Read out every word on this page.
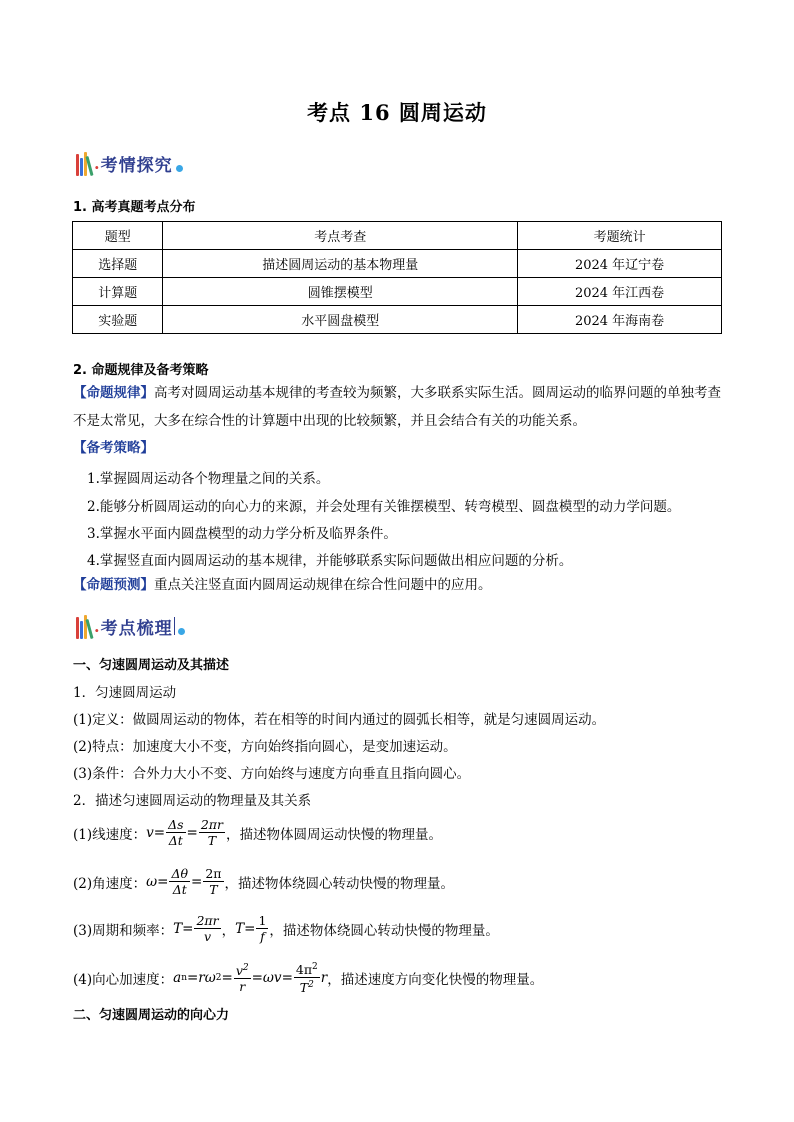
考点 16 圆周运动
. 考情探究
1. 高考真题考点分布
题型	考点考查	考题统计
选择题	描述圆周运动的基本物理量	2024 年辽宁卷
计算题	圆锥摆模型	2024 年江西卷
实验题	水平圆盘模型	2024 年海南卷
2. 命题规律及备考策略
【命题规律】高考对圆周运动基本规律的考查较为频繁，大多联系实际生活。圆周运动的临界问题的单独考查不是太常见，大多在综合性的计算题中出现的比较频繁，并且会结合有关的功能关系。
【备考策略】
1.掌握圆周运动各个物理量之间的关系。
2.能够分析圆周运动的向心力的来源，并会处理有关锥摆模型、转弯模型、圆盘模型的动力学问题。
3.掌握水平面内圆盘模型的动力学分析及临界条件。
4.掌握竖直面内圆周运动的基本规律，并能够联系实际问题做出相应问题的分析。
【命题预测】重点关注竖直面内圆周运动规律在综合性问题中的应用。
. 考点梳理
一、匀速圆周运动及其描述
1．匀速圆周运动
(1)定义：做圆周运动的物体，若在相等的时间内通过的圆弧长相等，就是匀速圆周运动。
(2)特点：加速度大小不变，方向始终指向圆心，是变加速运动。
(3)条件：合外力大小不变、方向始终与速度方向垂直且指向圆心。
2．描述匀速圆周运动的物理量及其关系
(1)线速度： $v = \frac{\Delta s}{\Delta t} = \frac{2\pi r}{T}$ ，描述物体圆周运动快慢的物理量。
(2)角速度： $\omega = \frac{\Delta\theta}{\Delta t} = \frac{2\pi}{T}$ ，描述物体绕圆心转动快慢的物理量。
(3)周期和频率： $T = \frac{2\pi r}{v}$ ， $T = \frac{1}{f}$ ，描述物体绕圆心转动快慢的物理量。
(4)向心加速度： a n = rω $2 = \frac{v^2}{r} = \omega v = \frac{4\pi^2}{T^2}$ r ，描述速度方向变化快慢的物理量。
二、匀速圆周运动的向心力
